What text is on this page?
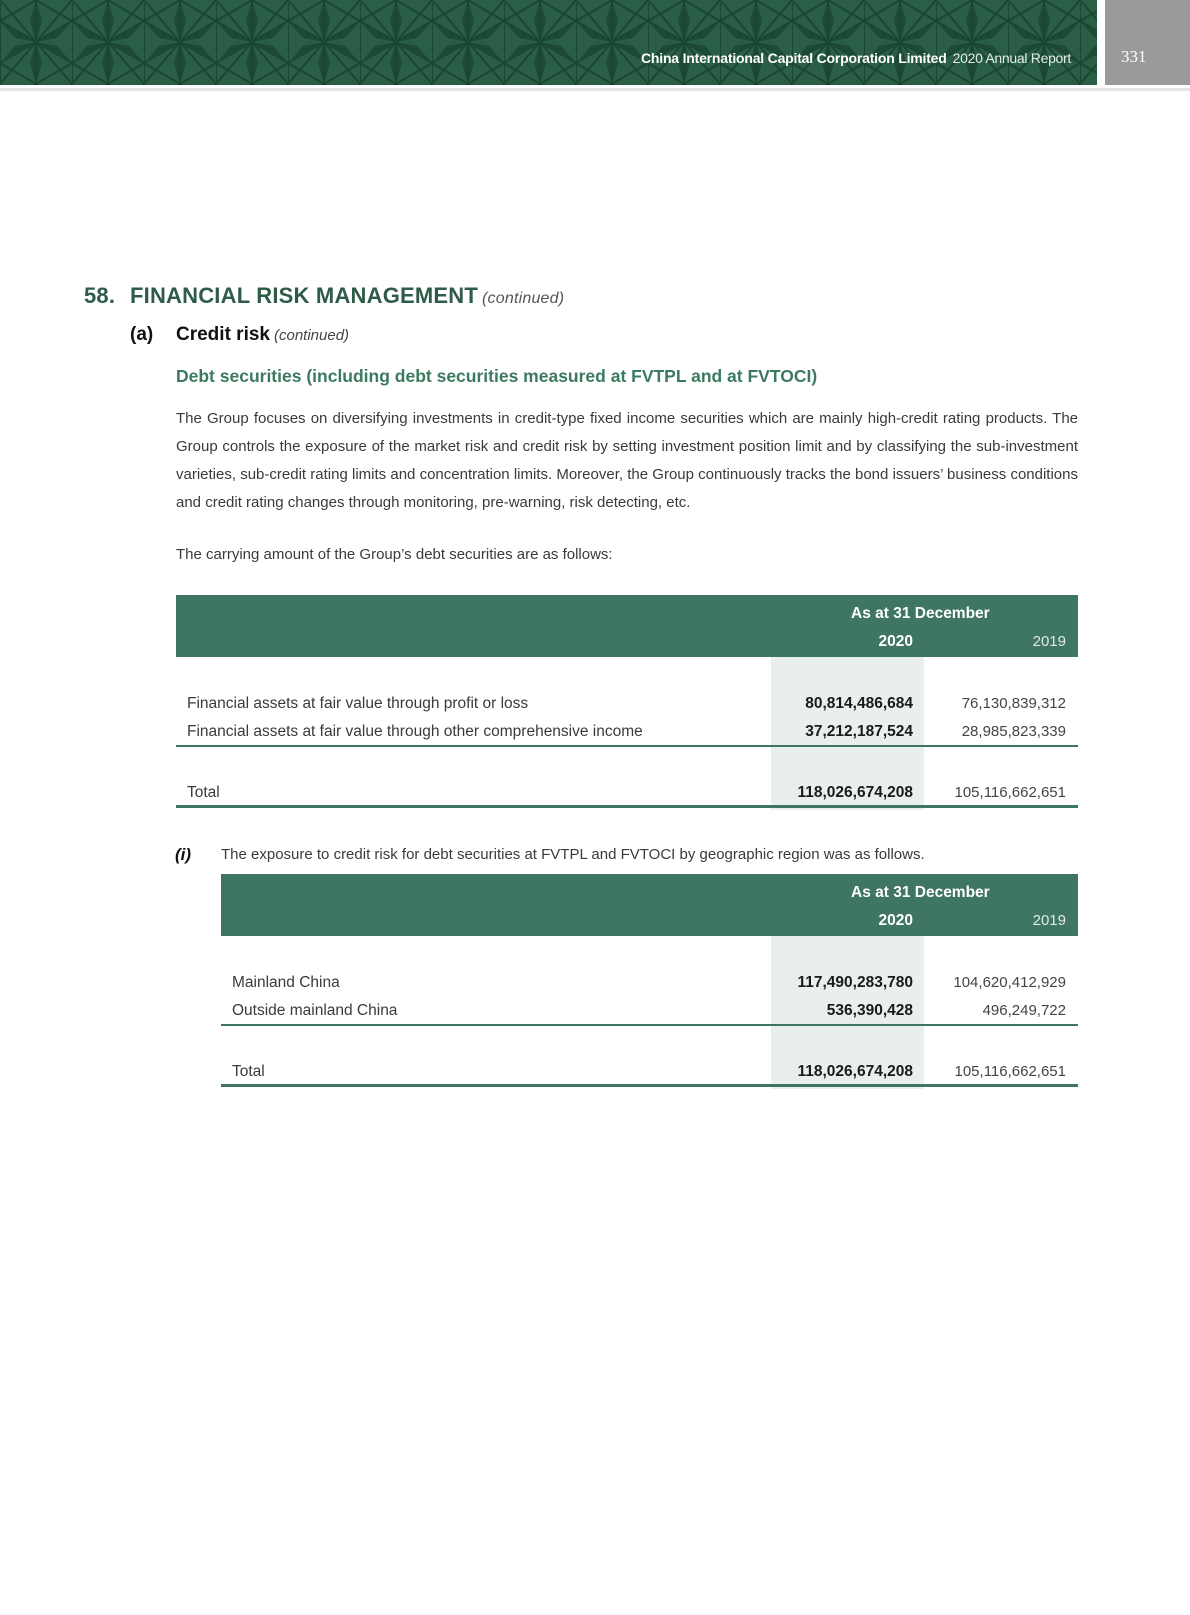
China International Capital Corporation Limited 2020 Annual Report	331
58. FINANCIAL RISK MANAGEMENT (continued)
(a) Credit risk (continued)
Debt securities (including debt securities measured at FVTPL and at FVTOCI)
The Group focuses on diversifying investments in credit-type fixed income securities which are mainly high-credit rating products. The Group controls the exposure of the market risk and credit risk by setting investment position limit and by classifying the sub-investment varieties, sub-credit rating limits and concentration limits. Moreover, the Group continuously tracks the bond issuers’ business conditions and credit rating changes through monitoring, pre-warning, risk detecting, etc.
The carrying amount of the Group’s debt securities are as follows:
As at 31 December
2020	2019
Financial assets at fair value through profit or loss	80,814,486,684	76,130,839,312
Financial assets at fair value through other comprehensive income	37,212,187,524	28,985,823,339
Total	118,026,674,208	105,116,662,651
(i) The exposure to credit risk for debt securities at FVTPL and FVTOCI by geographic region was as follows.
As at 31 December
2020	2019
Mainland China	117,490,283,780	104,620,412,929
Outside mainland China	536,390,428	496,249,722
Total	118,026,674,208	105,116,662,651
